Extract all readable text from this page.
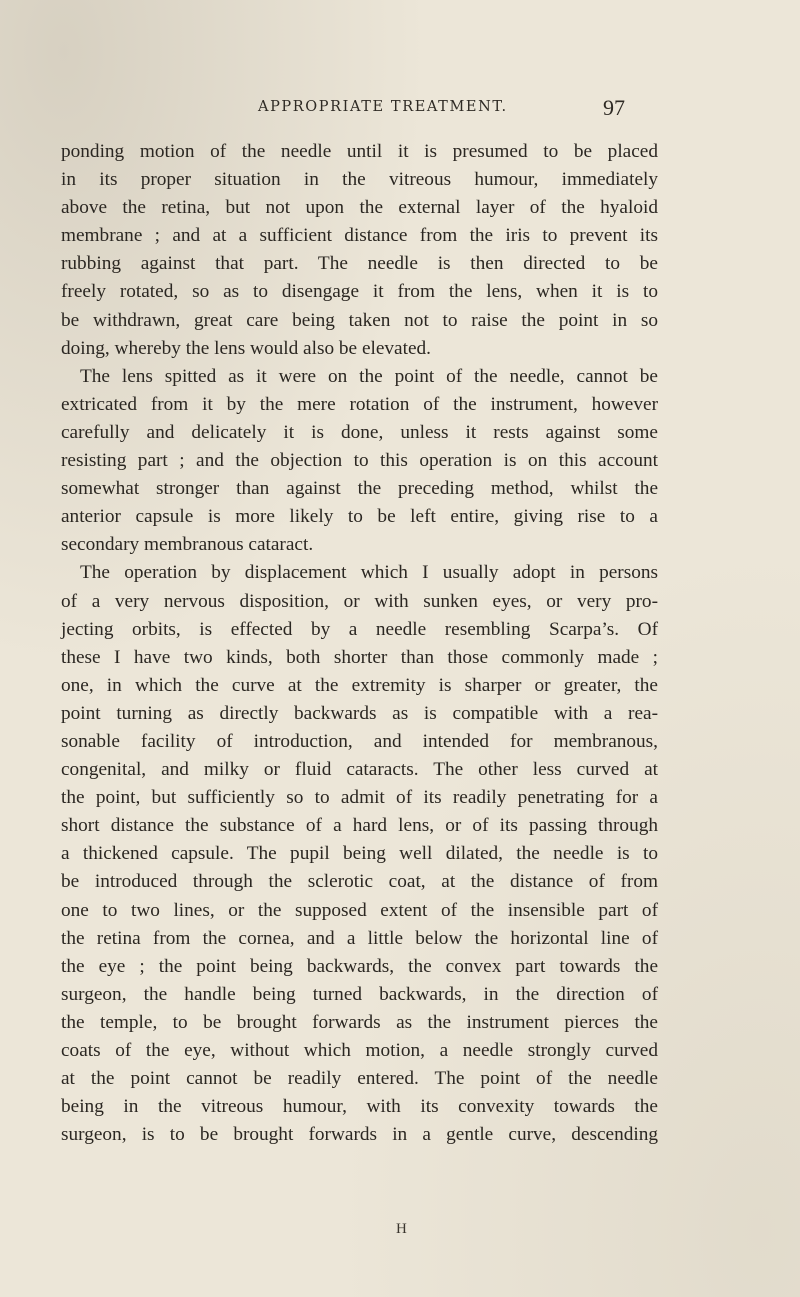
APPROPRIATE TREATMENT.	97
ponding motion of the needle until it is presumed to be placed
in its proper situation in the vitreous humour, immediately
above the retina, but not upon the external layer of the hyaloid
membrane ; and at a sufficient distance from the iris to prevent its
rubbing against that part. The needle is then directed to be
freely rotated, so as to disengage it from the lens, when it is to
be withdrawn, great care being taken not to raise the point in so
doing, whereby the lens would also be elevated.
The lens spitted as it were on the point of the needle, cannot be
extricated from it by the mere rotation of the instrument, however
carefully and delicately it is done, unless it rests against some
resisting part ; and the objection to this operation is on this account
somewhat stronger than against the preceding method, whilst the
anterior capsule is more likely to be left entire, giving rise to a
secondary membranous cataract.
The operation by displacement which I usually adopt in persons
of a very nervous disposition, or with sunken eyes, or very pro-
jecting orbits, is effected by a needle resembling Scarpa’s. Of
these I have two kinds, both shorter than those commonly made ;
one, in which the curve at the extremity is sharper or greater, the
point turning as directly backwards as is compatible with a rea-
sonable facility of introduction, and intended for membranous,
congenital, and milky or fluid cataracts. The other less curved at
the point, but sufficiently so to admit of its readily penetrating for a
short distance the substance of a hard lens, or of its passing through
a thickened capsule. The pupil being well dilated, the needle is to
be introduced through the sclerotic coat, at the distance of from
one to two lines, or the supposed extent of the insensible part of
the retina from the cornea, and a little below the horizontal line of
the eye ; the point being backwards, the convex part towards the
surgeon, the handle being turned backwards, in the direction of
the temple, to be brought forwards as the instrument pierces the
coats of the eye, without which motion, a needle strongly curved
at the point cannot be readily entered. The point of the needle
being in the vitreous humour, with its convexity towards the
surgeon, is to be brought forwards in a gentle curve, descending
H
